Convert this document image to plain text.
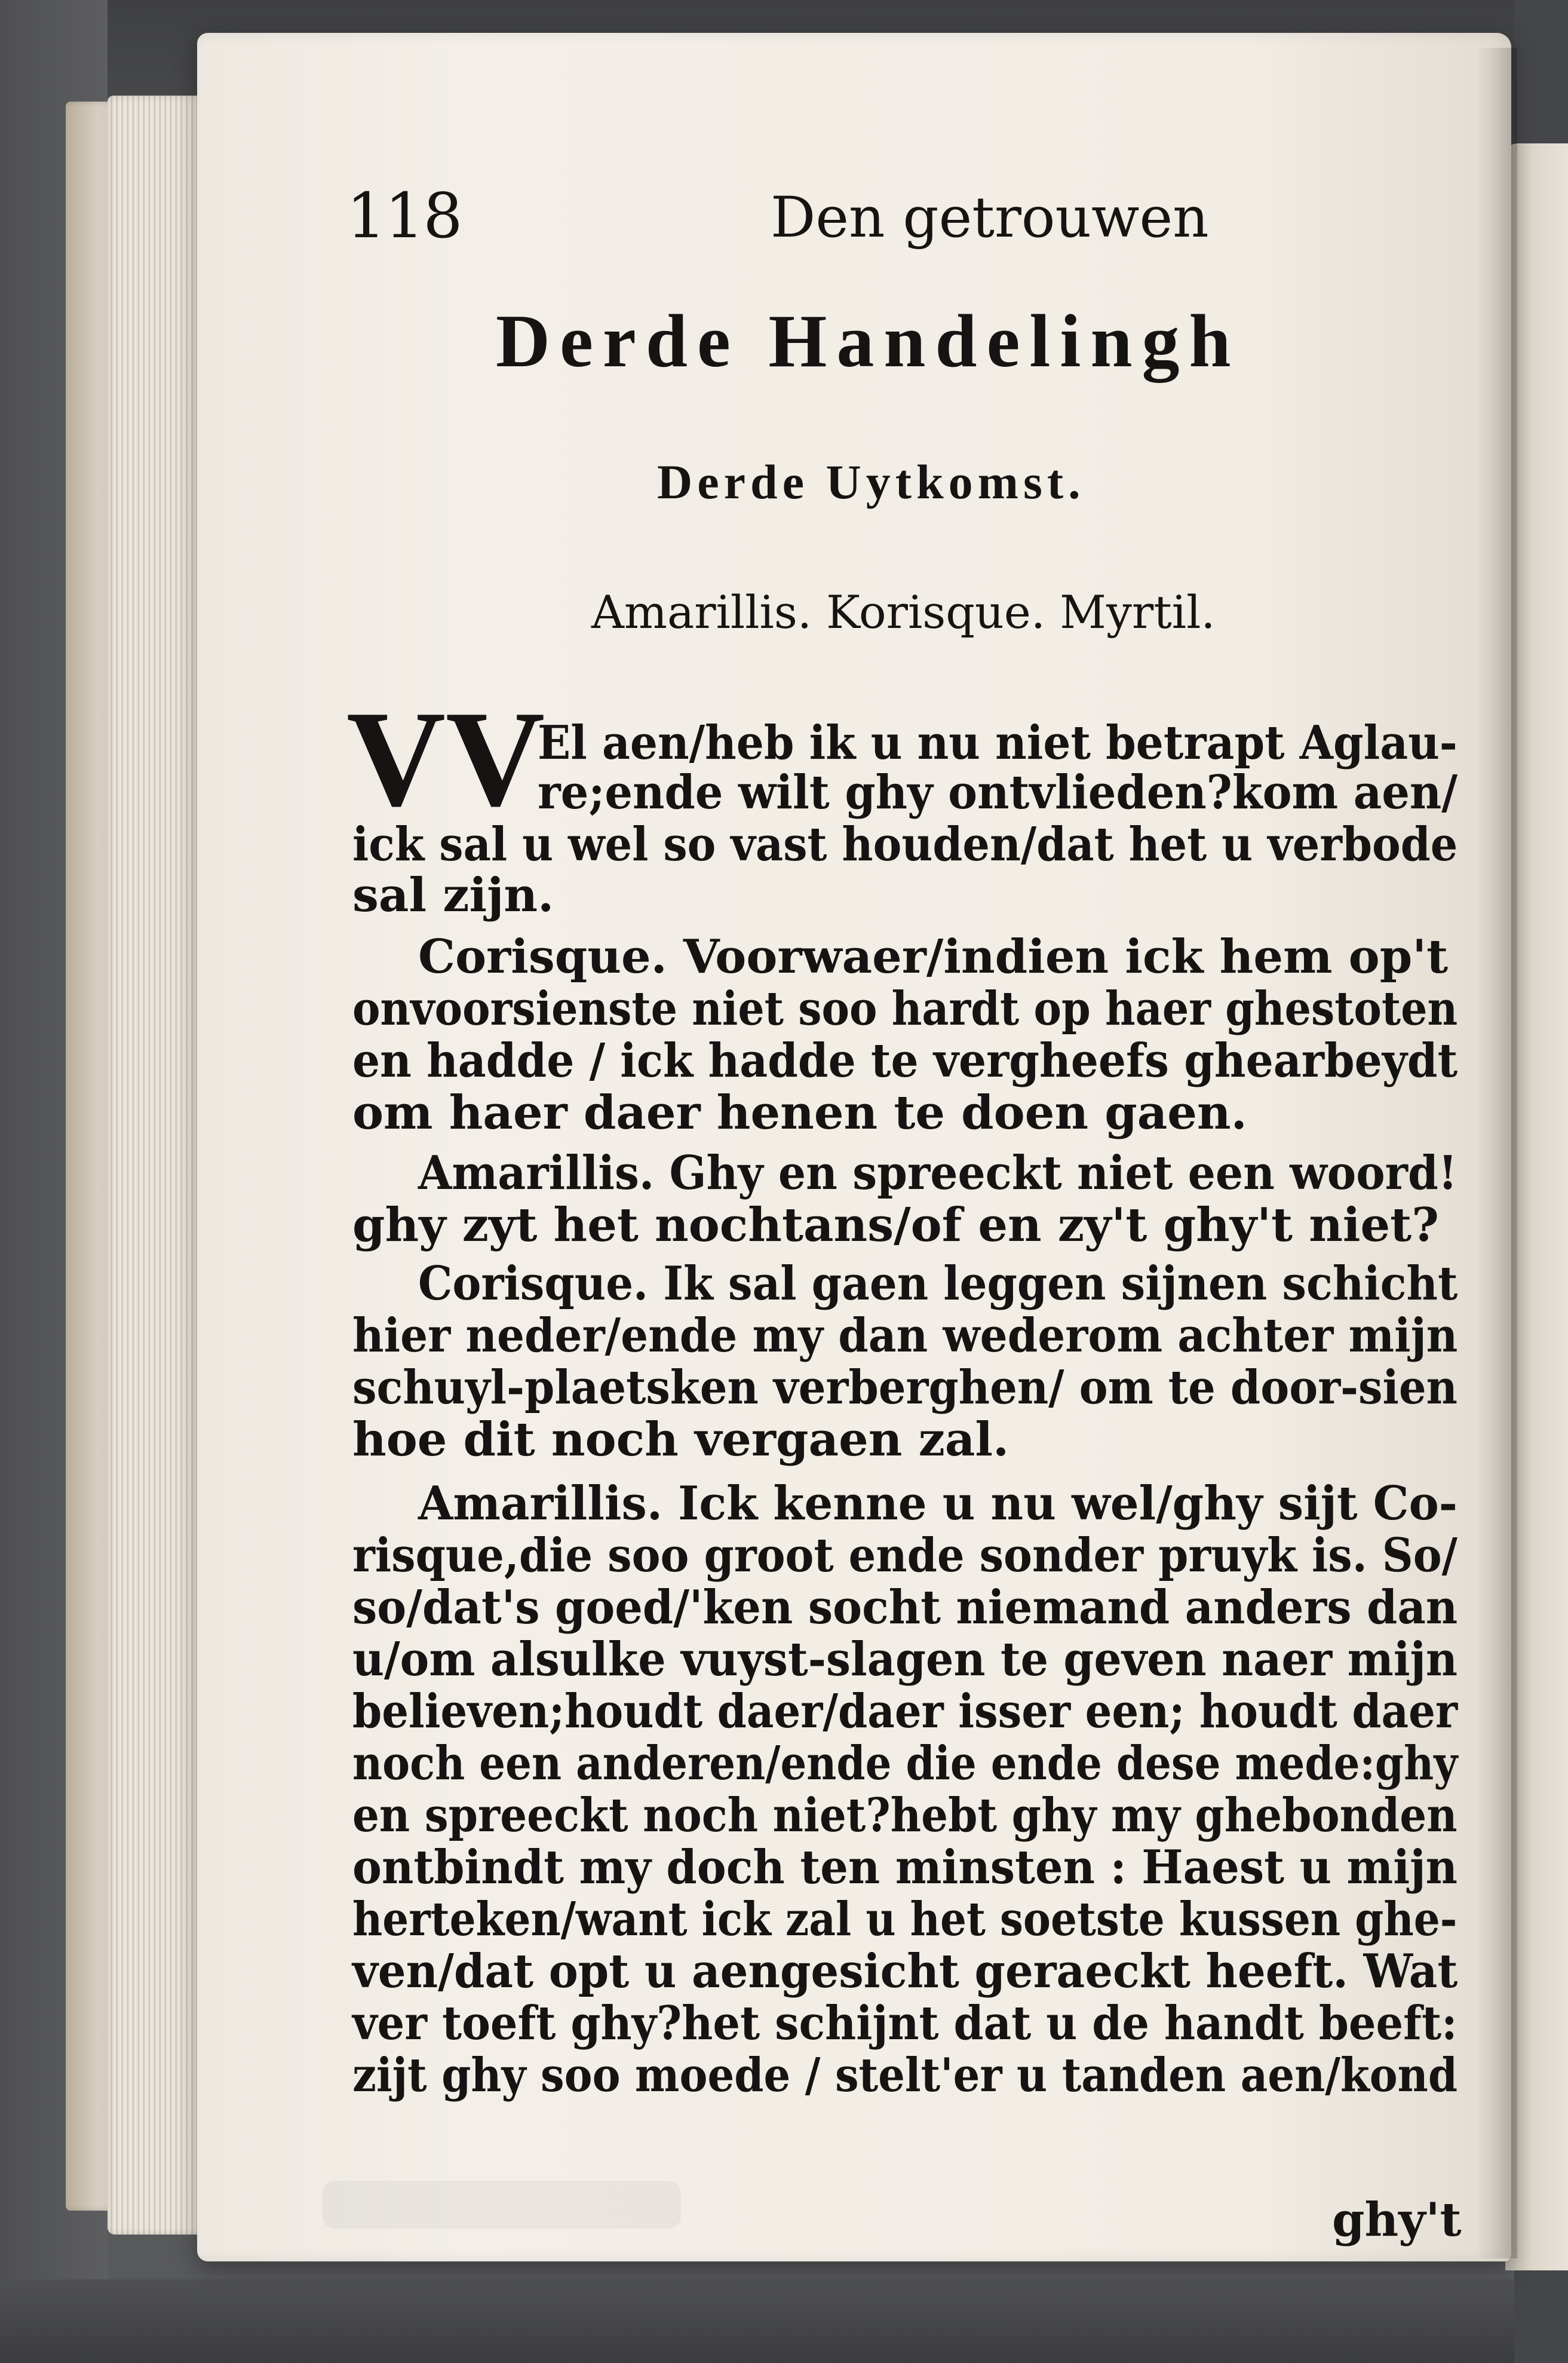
118	Den getrouwen
Derde Handelingh
Derde Uytkomst.
Amarillis. Korisque. Myrtil.
VV
El aen/heb ik u nu niet betrapt Aglau-
re;ende wilt ghy ontvlieden?kom aen/
ick sal u wel so vast houden/dat het u verbode
sal zijn.
Corisque. Voorwaer/indien ick hem op't
onvoorsienste niet soo hardt op haer ghestoten
en hadde / ick hadde te vergheefs ghearbeydt
om haer daer henen te doen gaen.
Amarillis. Ghy en spreeckt niet een woord!
ghy zyt het nochtans/of en zy't ghy't niet?
Corisque. Ik sal gaen leggen sijnen schicht
hier neder/ende my dan wederom achter mijn
schuyl-plaetsken verberghen/ om te door-sien
hoe dit noch vergaen zal.
Amarillis. Ick kenne u nu wel/ghy sijt Co-
risque,die soo groot ende sonder pruyk is. So/
so/dat's goed/'ken socht niemand anders dan
u/om alsulke vuyst-slagen te geven naer mijn
believen;houdt daer/daer isser een; houdt daer
noch een anderen/ende die ende dese mede:ghy
en spreeckt noch niet?hebt ghy my ghebonden
ontbindt my doch ten minsten : Haest u mijn
herteken/want ick zal u het soetste kussen ghe-
ven/dat opt u aengesicht geraeckt heeft. Wat
ver toeft ghy?het schijnt dat u de handt beeft:
zijt ghy soo moede / stelt'er u tanden aen/kond
ghy't
